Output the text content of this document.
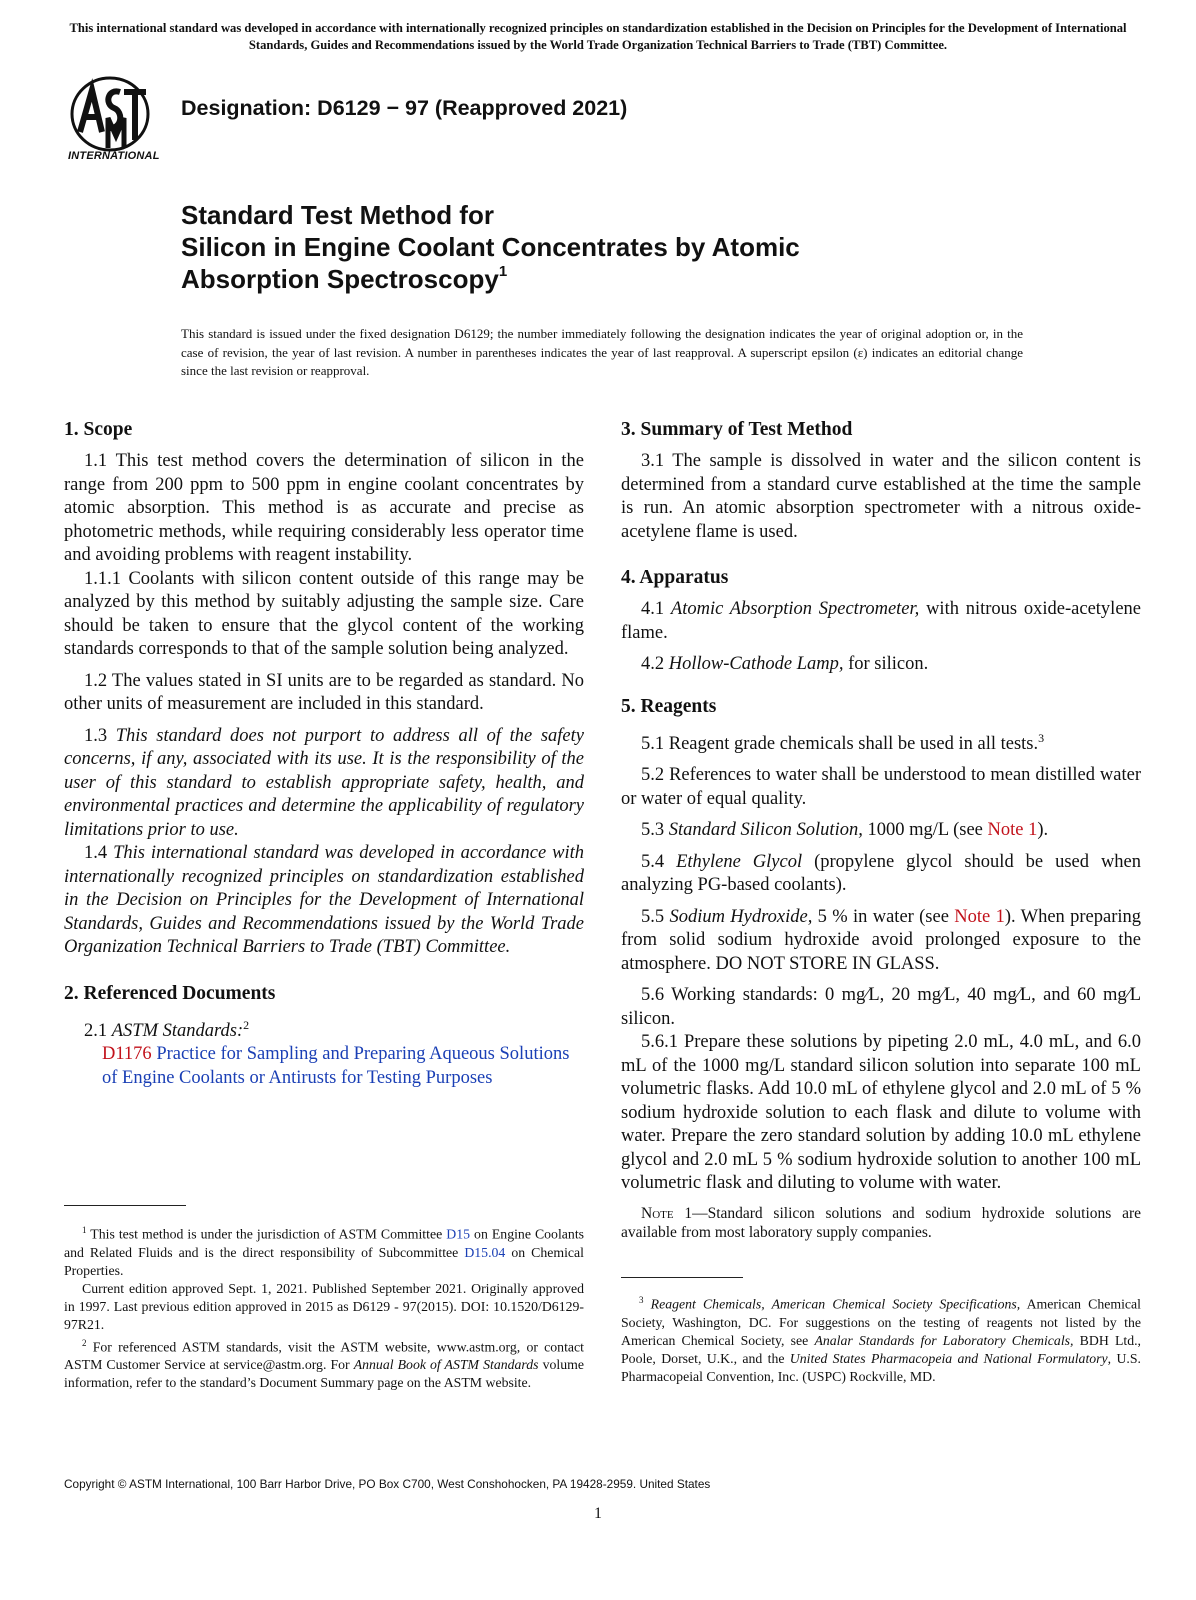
This international standard was developed in accordance with internationally recognized principles on standardization established in the Decision on Principles for the Development of International Standards, Guides and Recommendations issued by the World Trade Organization Technical Barriers to Trade (TBT) Committee.
INTERNATIONAL
Designation: D6129 − 97 (Reapproved 2021)
Standard Test Method for
Silicon in Engine Coolant Concentrates by Atomic
Absorption Spectroscopy$^1$
This standard is issued under the fixed designation D6129; the number immediately following the designation indicates the year of original adoption or, in the case of revision, the year of last revision. A number in parentheses indicates the year of last reapproval. A superscript epsilon (ε) indicates an editorial change since the last revision or reapproval.
1. Scope

1.1 This test method covers the determination of silicon in the range from 200 ppm to 500 ppm in engine coolant concentrates by atomic absorption. This method is as accurate and precise as photometric methods, while requiring considerably less operator time and avoiding problems with reagent instability.

1.1.1 Coolants with silicon content outside of this range may be analyzed by this method by suitably adjusting the sample size. Care should be taken to ensure that the glycol content of the working standards corresponds to that of the sample solution being analyzed.

1.2 The values stated in SI units are to be regarded as standard. No other units of measurement are included in this standard.

1.3 This standard does not purport to address all of the safety concerns, if any, associated with its use. It is the responsibility of the user of this standard to establish appropriate safety, health, and environmental practices and determine the applicability of regulatory limitations prior to use.

1.4 This international standard was developed in accordance with internationally recognized principles on standardization established in the Decision on Principles for the Development of International Standards, Guides and Recommendations issued by the World Trade Organization Technical Barriers to Trade (TBT) Committee.

2. Referenced Documents

2.1 ASTM Standards:$^2$

D1176 Practice for Sampling and Preparing Aqueous Solutions of Engine Coolants or Antirusts for Testing Purposes

$^1$ This test method is under the jurisdiction of ASTM Committee D15 on Engine Coolants and Related Fluids and is the direct responsibility of Subcommittee D15.04 on Chemical Properties.

Current edition approved Sept. 1, 2021. Published September 2021. Originally approved in 1997. Last previous edition approved in 2015 as D6129 - 97(2015). DOI: 10.1520/D6129-97R21.

$^2$ For referenced ASTM standards, visit the ASTM website, www.astm.org, or contact ASTM Customer Service at service@astm.org. For Annual Book of ASTM Standards volume information, refer to the standard’s Document Summary page on the ASTM website.

3. Summary of Test Method

3.1 The sample is dissolved in water and the silicon content is determined from a standard curve established at the time the sample is run. An atomic absorption spectrometer with a nitrous oxide-acetylene flame is used.

4. Apparatus

4.1 Atomic Absorption Spectrometer, with nitrous oxide-acetylene flame.

4.2 Hollow-Cathode Lamp, for silicon.

5. Reagents

5.1 Reagent grade chemicals shall be used in all tests.$^3$

5.2 References to water shall be understood to mean distilled water or water of equal quality.

5.3 Standard Silicon Solution, 1000 mg/L (see Note 1).

5.4 Ethylene Glycol (propylene glycol should be used when analyzing PG-based coolants).

5.5 Sodium Hydroxide, 5 % in water (see Note 1). When preparing from solid sodium hydroxide avoid prolonged exposure to the atmosphere. DO NOT STORE IN GLASS.

5.6 Working standards: 0 mg⁄L, 20 mg⁄L, 40 mg⁄L, and 60 mg⁄L silicon.

5.6.1 Prepare these solutions by pipeting 2.0 mL, 4.0 mL, and 6.0 mL of the 1000 mg/L standard silicon solution into separate 100 mL volumetric flasks. Add 10.0 mL of ethylene glycol and 2.0 mL of 5 % sodium hydroxide solution to each flask and dilute to volume with water. Prepare the zero standard solution by adding 10.0 mL ethylene glycol and 2.0 mL 5 % sodium hydroxide solution to another 100 mL volumetric flask and diluting to volume with water.

Note 1—Standard silicon solutions and sodium hydroxide solutions are available from most laboratory supply companies.

$^3$ Reagent Chemicals, American Chemical Society Specifications, American Chemical Society, Washington, DC. For suggestions on the testing of reagents not listed by the American Chemical Society, see Analar Standards for Laboratory Chemicals, BDH Ltd., Poole, Dorset, U.K., and the United States Pharmacopeia and National Formulatory, U.S. Pharmacopeial Convention, Inc. (USPC) Rockville, MD.

Copyright © ASTM International, 100 Barr Harbor Drive, PO Box C700, West Conshohocken, PA 19428-2959. United States
1
